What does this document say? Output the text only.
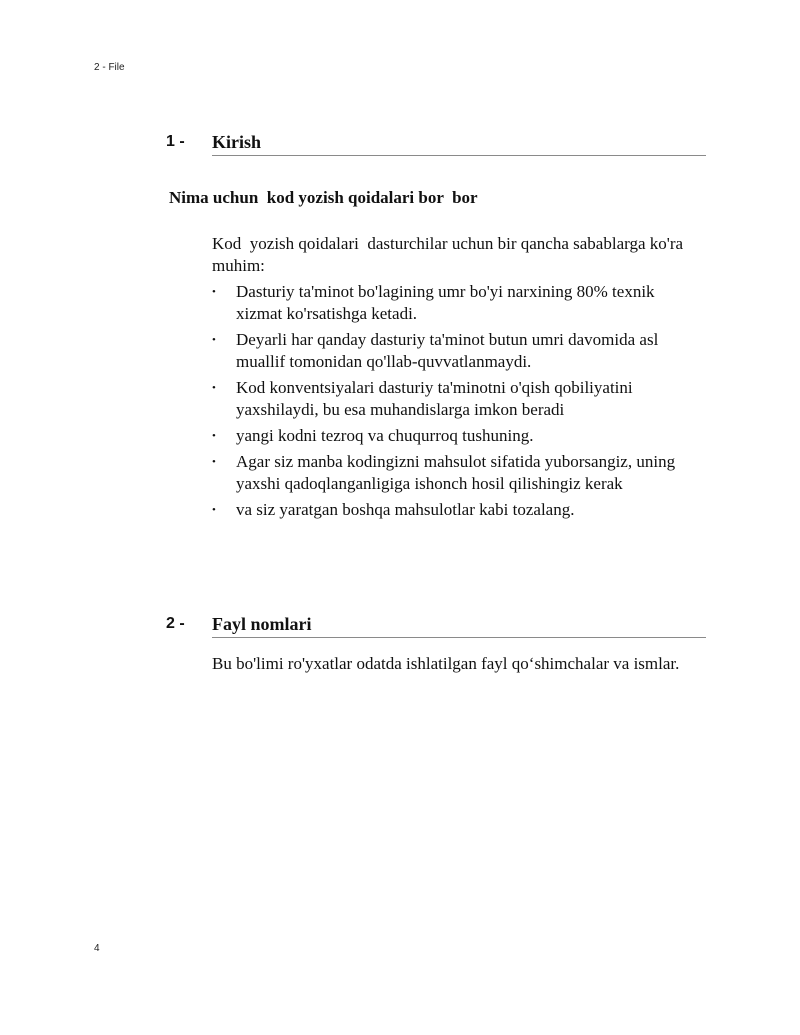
2 - File
1 - Kirish
Nima uchun  kod yozish qoidalari bor  bor
Kod  yozish qoidalari  dasturchilar uchun bir qancha sabablarga ko'ra muhim:
•	Dasturiy ta'minot bo'lagining umr bo'yi narxining 80% texnik xizmat ko'rsatishga ketadi.
•	Deyarli har qanday dasturiy ta'minot butun umri davomida asl muallif tomonidan qo'llab-quvvatlanmaydi.
•	Kod konventsiyalari dasturiy ta'minotni o'qish qobiliyatini yaxshilaydi, bu esa muhandislarga imkon beradi
•	yangi kodni tezroq va chuqurroq tushuning.
•	Agar siz manba kodingizni mahsulot sifatida yuborsangiz, uning yaxshi qadoqlanganligiga ishonch hosil qilishingiz kerak
•	va siz yaratgan boshqa mahsulotlar kabi tozalang.
2 - Fayl nomlari
Bu bo'limi ro'yxatlar odatda ishlatilgan fayl qo‘shimchalar va ismlar.
4
